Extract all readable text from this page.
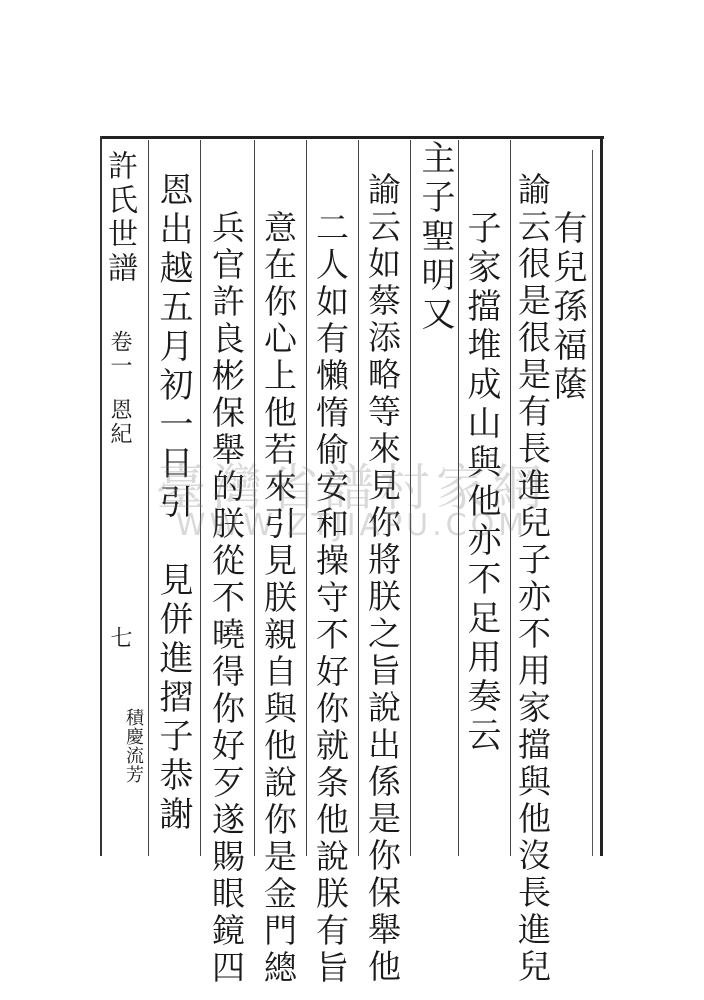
許氏世譜
卷一
恩紀
七
有兒孫福䕃
諭云很是很是有長進兒子亦不用家擋與他沒長進兒
子家擋堆成山與他亦不足用奏云
主子聖明又
諭云如蔡添略等來見你將朕之旨說出係是你保舉他
二人如有懶惰偷安和操守不好你就条他說朕有旨
意在你心上他若來引見朕親自與他說你是金門總
兵官許良彬保舉的朕從不曉得你好歹遂賜眼鏡四
恩出越五月初一日引　見併進摺子恭謝
積慶流芳
臺灣省譜村家網
WWW.ZTJIAPU.COM
